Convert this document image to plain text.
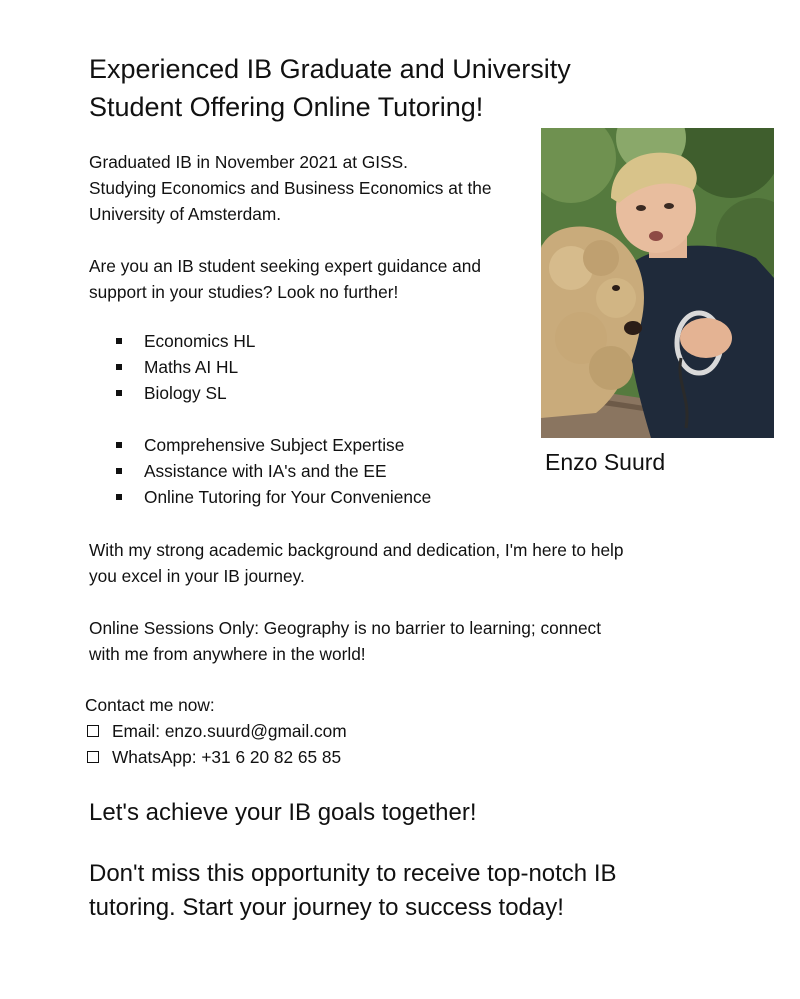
Experienced IB Graduate and University Student Offering Online Tutoring!
Graduated IB in November 2021 at GISS.
Studying Economics and Business Economics at the
University of Amsterdam.
Are you an IB student seeking expert guidance and support in your studies? Look no further!
Economics HL
Maths AI HL
Biology SL
Comprehensive Subject Expertise
Assistance with IA's and the EE
Online Tutoring for Your Convenience
With my strong academic background and dedication, I'm here to help you excel in your IB journey.
Online Sessions Only: Geography is no barrier to learning; connect with me from anywhere in the world!
Contact me now:
Email: enzo.suurd@gmail.com
WhatsApp: +31 6 20 82 65 85
Let's achieve your IB goals together!
Don't miss this opportunity to receive top-notch IB tutoring. Start your journey to success today!
Enzo Suurd
